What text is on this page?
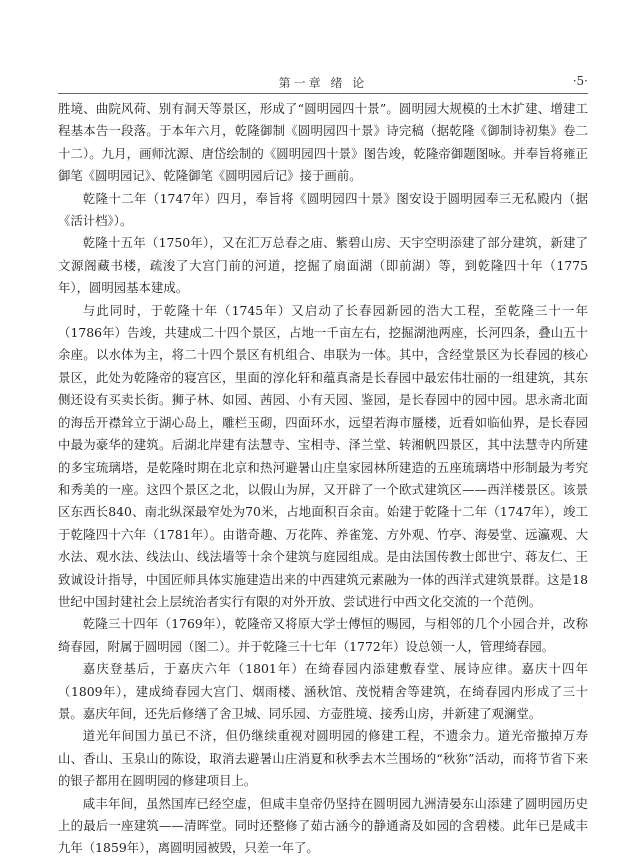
第一章 绪 论	·5·

胜境、曲院风荷、别有洞天等景区，形成了“圆明园四十景”。圆明园大规模的土木扩建、增建工程基本告一段落。于本年六月，乾隆御制《圆明园四十景》诗完稿（据乾隆《御制诗初集》卷二十二）。九月，画师沈源、唐岱绘制的《圆明园四十景》图告竣，乾隆帝御题图咏。并奉旨将雍正御笔《圆明园记》、乾隆御笔《圆明园后记》接于画前。

乾隆十二年（1747年）四月，奉旨将《圆明园四十景》图安设于圆明园奉三无私殿内（据《活计档》）。

乾隆十五年（1750年），又在汇万总春之庙、紫碧山房、天宇空明添建了部分建筑，新建了文源阁藏书楼，疏浚了大宫门前的河道，挖掘了扇面湖（即前湖）等，到乾隆四十年（1775年），圆明园基本建成。

与此同时，于乾隆十年（1745年）又启动了长春园新园的浩大工程，至乾隆三十一年（1786年）告竣，共建成二十四个景区，占地一千亩左右，挖掘湖池两座，长河四条，叠山五十余座。以水体为主，将二十四个景区有机组合、串联为一体。其中，含经堂景区为长春园的核心景区，此处为乾隆帝的寝宫区，里面的淳化轩和蕴真斋是长春园中最宏伟壮丽的一组建筑，其东侧还设有买卖长街。狮子林、如园、茜园、小有天园、鉴园，是长春园中的园中园。思永斋北面的海岳开襟耸立于湖心岛上，雕栏玉砌，四面环水，远望若海市蜃楼，近看如临仙界，是长春园中最为豪华的建筑。后湖北岸建有法慧寺、宝相寺、泽兰堂、转湘帆四景区，其中法慧寺内所建的多宝琉璃塔，是乾隆时期在北京和热河避暑山庄皇家园林所建造的五座琉璃塔中形制最为考究和秀美的一座。这四个景区之北，以假山为屏，又开辟了一个欧式建筑区——西洋楼景区。该景区东西长840、南北纵深最窄处为70米，占地面积百余亩。始建于乾隆十二年（1747年），竣工于乾隆四十六年（1781年）。由谐奇趣、万花阵、养雀笼、方外观、竹亭、海晏堂、远瀛观、大水法、观水法、线法山、线法墙等十余个建筑与庭园组成。是由法国传教士郎世宁、蒋友仁、王致诚设计指导，中国匠师具体实施建造出来的中西建筑元素融为一体的西洋式建筑景群。这是18世纪中国封建社会上层统治者实行有限的对外开放、尝试进行中西文化交流的一个范例。

乾隆三十四年（1769年），乾隆帝又将原大学士傅恒的赐园，与相邻的几个小园合并，改称绮春园，附属于圆明园（图二）。并于乾隆三十七年（1772年）设总领一人，管理绮春园。

嘉庆登基后，于嘉庆六年（1801年）在绮春园内添建敷春堂、展诗应律。嘉庆十四年（1809年），建成绮春园大宫门、烟雨楼、涵秋馆、茂悦精舍等建筑，在绮春园内形成了三十景。嘉庆年间，还先后修缮了舍卫城、同乐园、方壶胜境、接秀山房，并新建了观澜堂。

道光年间国力虽已不济，但仍继续重视对圆明园的修建工程，不遗余力。道光帝撤掉万寿山、香山、玉泉山的陈设，取消去避暑山庄消夏和秋季去木兰围场的“秋狝”活动，而将节省下来的银子都用在圆明园的修建项目上。

咸丰年间，虽然国库已经空虚，但咸丰皇帝仍坚持在圆明园九洲清晏东山添建了圆明园历史上的最后一座建筑——清晖堂。同时还整修了茹古涵今的静通斋及如园的含碧楼。此年已是咸丰九年（1859年），离圆明园被毁，只差一年了。
